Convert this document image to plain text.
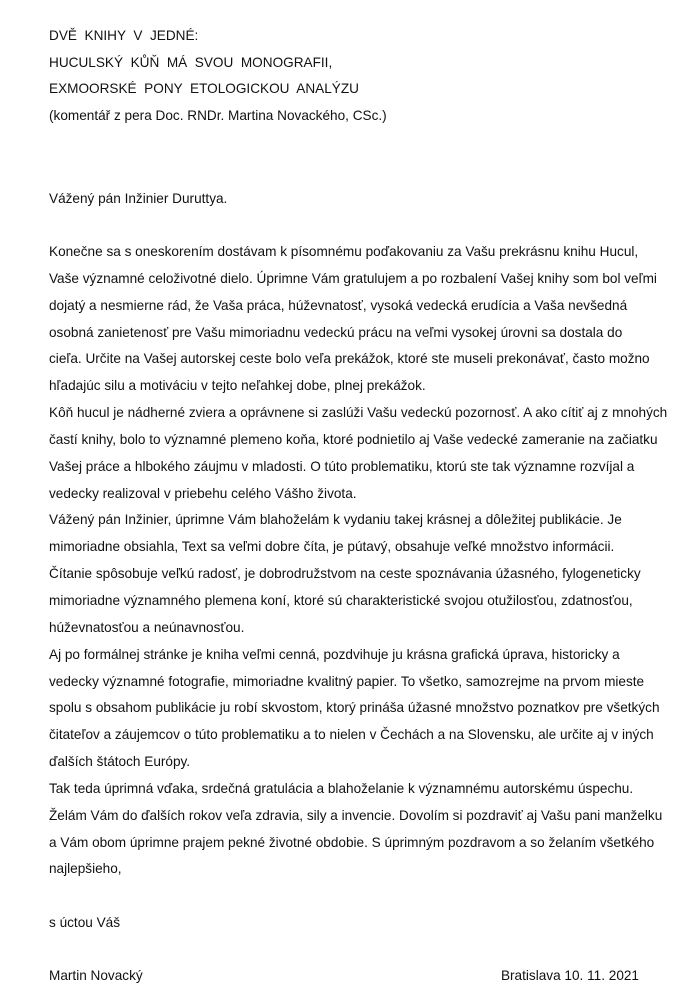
DVĚ  KNIHY  V  JEDNÉ:
HUCULSKÝ  KŮŇ  MÁ  SVOU  MONOGRAFII,
EXMOORSKÉ  PONY  ETOLOGICKOU  ANALÝZU
(komentář z pera Doc. RNDr. Martina Novackého, CSc.)
Vážený pán Inžinier Duruttya.
Konečne sa s oneskorením dostávam k písomnému poďakovaniu za Vašu prekrásnu knihu Hucul,
Vaše významné celoživotné dielo. Úprimne Vám gratulujem a po rozbalení Vašej knihy som bol veľmi
dojatý a nesmierne rád, že Vaša práca, húževnatosť, vysoká vedecká erudícia a Vaša nevšedná
osobná zanietenosť pre Vašu mimoriadnu vedeckú prácu na veľmi vysokej úrovni sa dostala do
cieľa. Určite na Vašej autorskej ceste bolo veľa prekážok, ktoré ste museli prekonávať, často možno
hľadajúc silu a motiváciu v tejto neľahkej dobe, plnej prekážok.
Kôň hucul je nádherné zviera a oprávnene si zaslúži Vašu vedeckú pozornosť. A ako cítiť aj z mnohých
častí knihy, bolo to významné plemeno koňa, ktoré podnietilo aj Vaše vedecké zameranie na začiatku
Vašej práce a hlbokého záujmu v mladosti. O túto problematiku, ktorú ste tak významne rozvíjal a
vedecky realizoval v priebehu celého Vášho života.
Vážený pán Inžinier, úprimne Vám blahoželám k vydaniu takej krásnej a dôležitej publikácie. Je
mimoriadne obsiahla, Text sa veľmi dobre číta, je pútavý, obsahuje veľké množstvo informácii.
Čítanie spôsobuje veľkú radosť, je dobrodružstvom na ceste spoznávania úžasného, fylogeneticky
mimoriadne významného plemena koní, ktoré sú charakteristické svojou otužilosťou, zdatnosťou,
húževnatosťou a neúnavnosťou.
Aj po formálnej stránke je kniha veľmi cenná, pozdvihuje ju krásna grafická úprava, historicky a
vedecky významné fotografie, mimoriadne kvalitný papier. To všetko, samozrejme na prvom mieste
spolu s obsahom publikácie ju robí skvostom, ktorý prináša úžasné množstvo poznatkov pre všetkých
čitateľov a záujemcov o túto problematiku a to nielen v Čechách a na Slovensku, ale určite aj v iných
ďalších štátoch Európy.
Tak teda úprimná vďaka, srdečná gratulácia a blahoželanie k významnému autorskému úspechu.
Želám Vám do ďalších rokov veľa zdravia, sily a invencie. Dovolím si pozdraviť aj Vašu pani manželku
a Vám obom úprimne prajem pekné životné obdobie. S úprimným pozdravom a so želaním všetkého
najlepšieho,
s úctou Váš
Martin Novacký	Bratislava 10. 11. 2021
